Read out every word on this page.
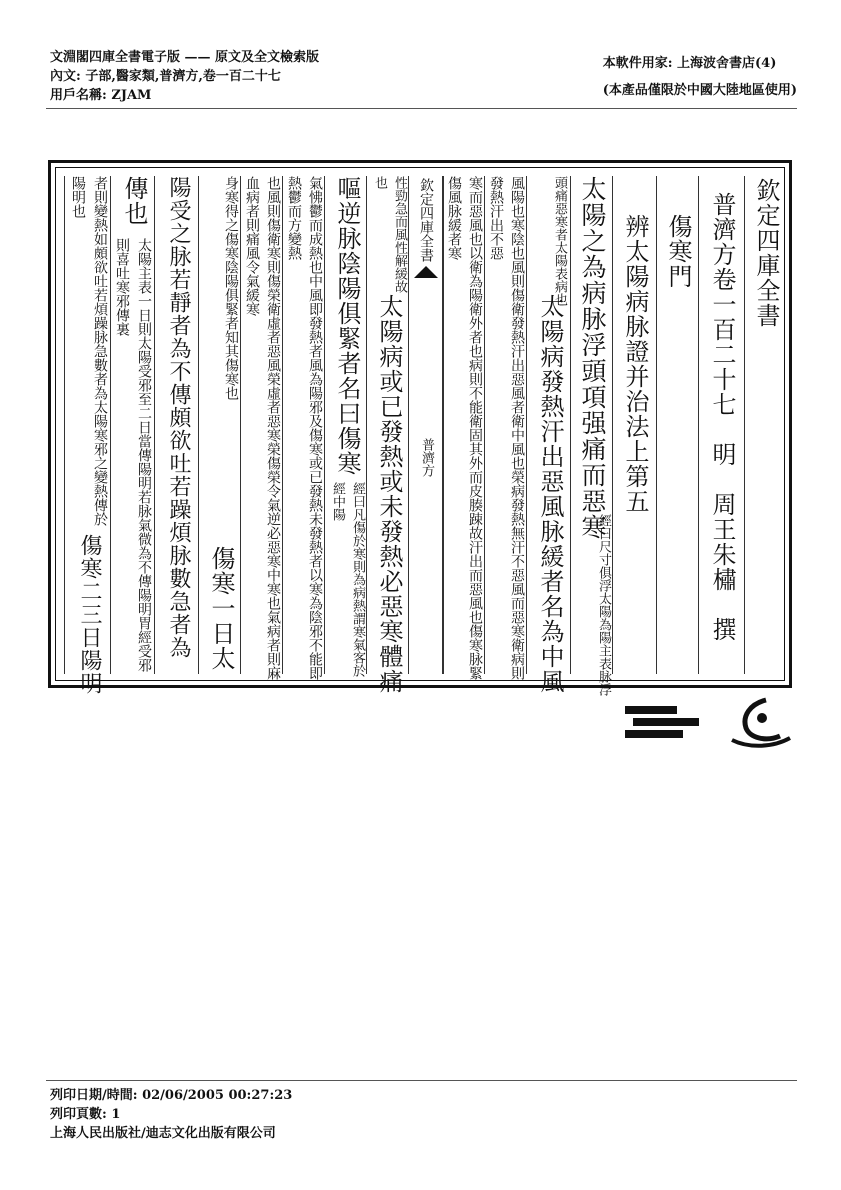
文淵閣四庫全書電子版 —— 原文及全文檢索版
內文: 子部,醫家類,普濟方,卷一百二十七
用戶名稱: ZJAM
本軟件用家: 上海波舍書店(4)
(本產品僅限於中國大陸地區使用)
欽定四庫全書
普濟方卷一百二十七　明　周王朱橚　撰
傷寒門
辨太陽病脉證并治法上第五
太陽之為病脉浮頭項强痛而惡寒
經曰尺寸俱浮太陽為陽主表脉浮
頭痛惡寒者太陽表病也
太陽病發熱汗出惡風脉緩者名為中風
風陽也寒陰也風則傷衛發熱汗出惡風者衛中風也榮病發熱無汗不惡風而惡寒衛病則發熱汗出不惡
寒而惡風也以衛為陽衛外者也病則不能衛固其外而皮腠踈故汗出而惡風也傷寒脉緊傷風脉緩者寒
欽定四庫全書
普濟方
性勁急而風性解緩故也
太陽病或已發熱或未發熱必惡寒體痛
嘔逆脉陰陽俱緊者名曰傷寒
經曰凡傷於寒則為病熱謂寒氣客於經中陽
氣怫鬱而成熱也中風即發熱者風為陽邪及傷寒或已發熱未發熱者以寒為陰邪不能即熱鬱而方變熱
也風則傷衛寒則傷榮衛虛者惡風榮虛者惡寒榮傷榮令氣逆必惡寒中寒也氣病者則麻血病者則痛風令氣緩寒
身寒得之傷寒陰陽俱緊者知其傷寒也
傷寒一日太
陽受之脉若靜者為不傳頗欲吐若躁煩脉數急者為
傳也
太陽主表一日則太陽受邪至二日當傳陽明若脉氣微為不傳陽明胃經受邪則喜吐寒邪傳裏
者則變熱如頗欲吐若煩躁脉急數者為太陽寒邪之變熱傳於陽明也
傷寒二三日陽明
列印日期/時間: 02/06/2005 00:27:23
列印頁數: 1
上海人民出版社/迪志文化出版有限公司
